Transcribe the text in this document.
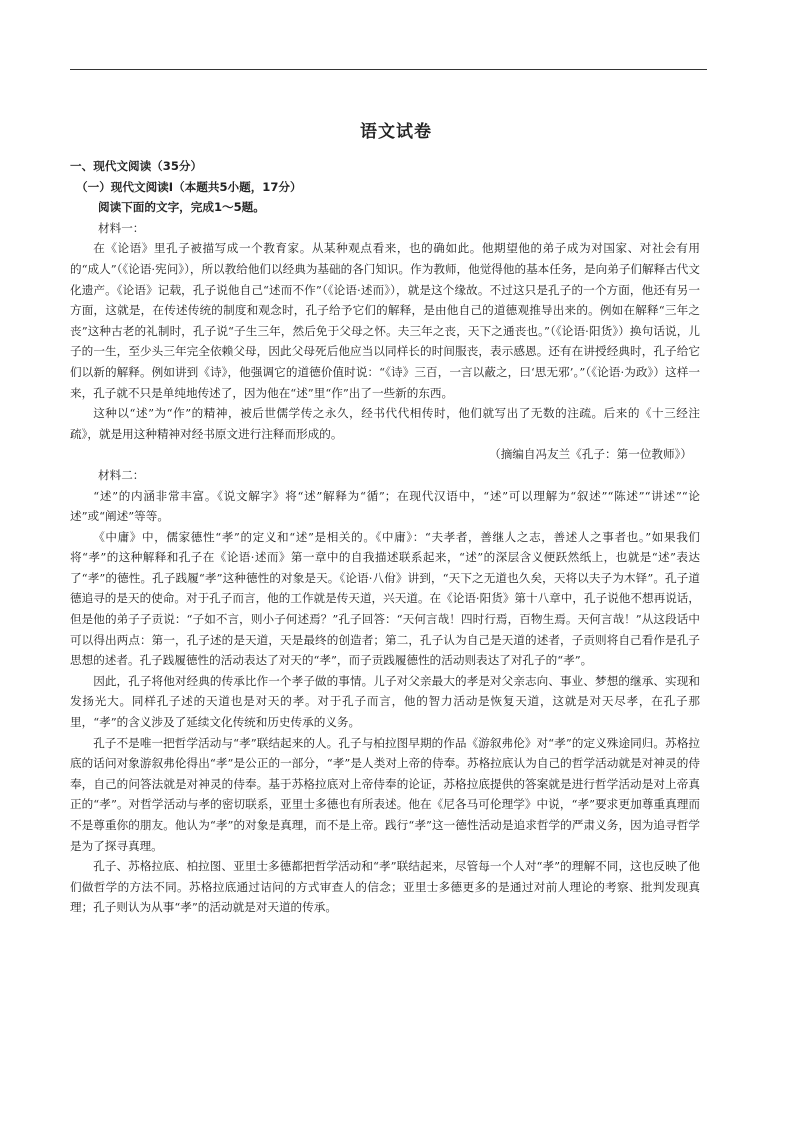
语文试卷
一、现代文阅读（35分）
（一）现代文阅读Ⅰ（本题共5小题，17分）
阅读下面的文字，完成1～5题。
材料一：

在《论语》里孔子被描写成一个教育家。从某种观点看来，也的确如此。他期望他的弟子成为对国家、对社会有用的“成人”（《论语·宪问》），所以教给他们以经典为基础的各门知识。作为教师，他觉得他的基本任务，是向弟子们解释古代文化遗产。《论语》记载，孔子说他自己“述而不作”（《论语·述而》），就是这个缘故。不过这只是孔子的一个方面，他还有另一方面，这就是，在传述传统的制度和观念时，孔子给予它们的解释，是由他自己的道德观推导出来的。例如在解释“三年之丧”这种古老的礼制时，孔子说“子生三年，然后免于父母之怀。夫三年之丧，天下之通丧也。”（《论语·阳货》）换句话说，儿子的一生，至少头三年完全依赖父母，因此父母死后他应当以同样长的时间服丧，表示感恩。还有在讲授经典时，孔子给它们以新的解释。例如讲到《诗》，他强调它的道德价值时说：“《诗》三百，一言以蔽之，曰‘思无邪’。”（《论语·为政》）这样一来，孔子就不只是单纯地传述了，因为他在“述”里“作”出了一些新的东西。

这种以“述”为“作”的精神，被后世儒学传之永久，经书代代相传时，他们就写出了无数的注疏。后来的《十三经注疏》，就是用这种精神对经书原文进行注释而形成的。

（摘编自冯友兰《孔子：第一位教师》）
材料二：

“述”的内涵非常丰富。《说文解字》将“述”解释为“循”；在现代汉语中，“述”可以理解为“叙述”“陈述”“讲述”“论述”或“阐述”等等。

《中庸》中，儒家德性“孝”的定义和“述”是相关的。《中庸》：“夫孝者，善继人之志，善述人之事者也。”如果我们将“孝”的这种解释和孔子在《论语·述而》第一章中的自我描述联系起来，“述”的深层含义便跃然纸上，也就是“述”表达了“孝”的德性。孔子践履“孝”这种德性的对象是天。《论语·八佾》讲到，“天下之无道也久矣，天将以夫子为木铎”。孔子道德追寻的是天的使命。对于孔子而言，他的工作就是传天道，兴天道。在《论语·阳货》第十八章中，孔子说他不想再说话，但是他的弟子子贡说：“子如不言，则小子何述焉？”孔子回答：“天何言哉！四时行焉，百物生焉。天何言哉！”从这段话中可以得出两点：第一，孔子述的是天道，天是最终的创造者；第二，孔子认为自己是天道的述者，子贡则将自己看作是孔子思想的述者。孔子践履德性的活动表达了对天的“孝”，而子贡践履德性的活动则表达了对孔子的“孝”。

因此，孔子将他对经典的传承比作一个孝子做的事情。儿子对父亲最大的孝是对父亲志向、事业、梦想的继承、实现和发扬光大。同样孔子述的天道也是对天的孝。对于孔子而言，他的智力活动是恢复天道，这就是对天尽孝，在孔子那里，“孝”的含义涉及了延续文化传统和历史传承的义务。

孔子不是唯一把哲学活动与“孝”联结起来的人。孔子与柏拉图早期的作品《游叙弗伦》对“孝”的定义殊途同归。苏格拉底的话问对象游叙弗伦得出“孝”是公正的一部分，“孝”是人类对上帝的侍奉。苏格拉底认为自己的哲学活动就是对神灵的侍奉，自己的问答法就是对神灵的侍奉。基于苏格拉底对上帝侍奉的论证，苏格拉底提供的答案就是进行哲学活动是对上帝真正的“孝”。对哲学活动与孝的密切联系，亚里士多德也有所表述。他在《尼各马可伦理学》中说，“孝”要求更加尊重真理而不是尊重你的朋友。他认为“孝”的对象是真理，而不是上帝。践行“孝”这一德性活动是追求哲学的严肃义务，因为追寻哲学是为了探寻真理。

孔子、苏格拉底、柏拉图、亚里士多德都把哲学活动和“孝”联结起来，尽管每一个人对“孝”的理解不同，这也反映了他们做哲学的方法不同。苏格拉底通过诘问的方式审查人的信念；亚里士多德更多的是通过对前人理论的考察、批判发现真理；孔子则认为从事“孝”的活动就是对天道的传承。
